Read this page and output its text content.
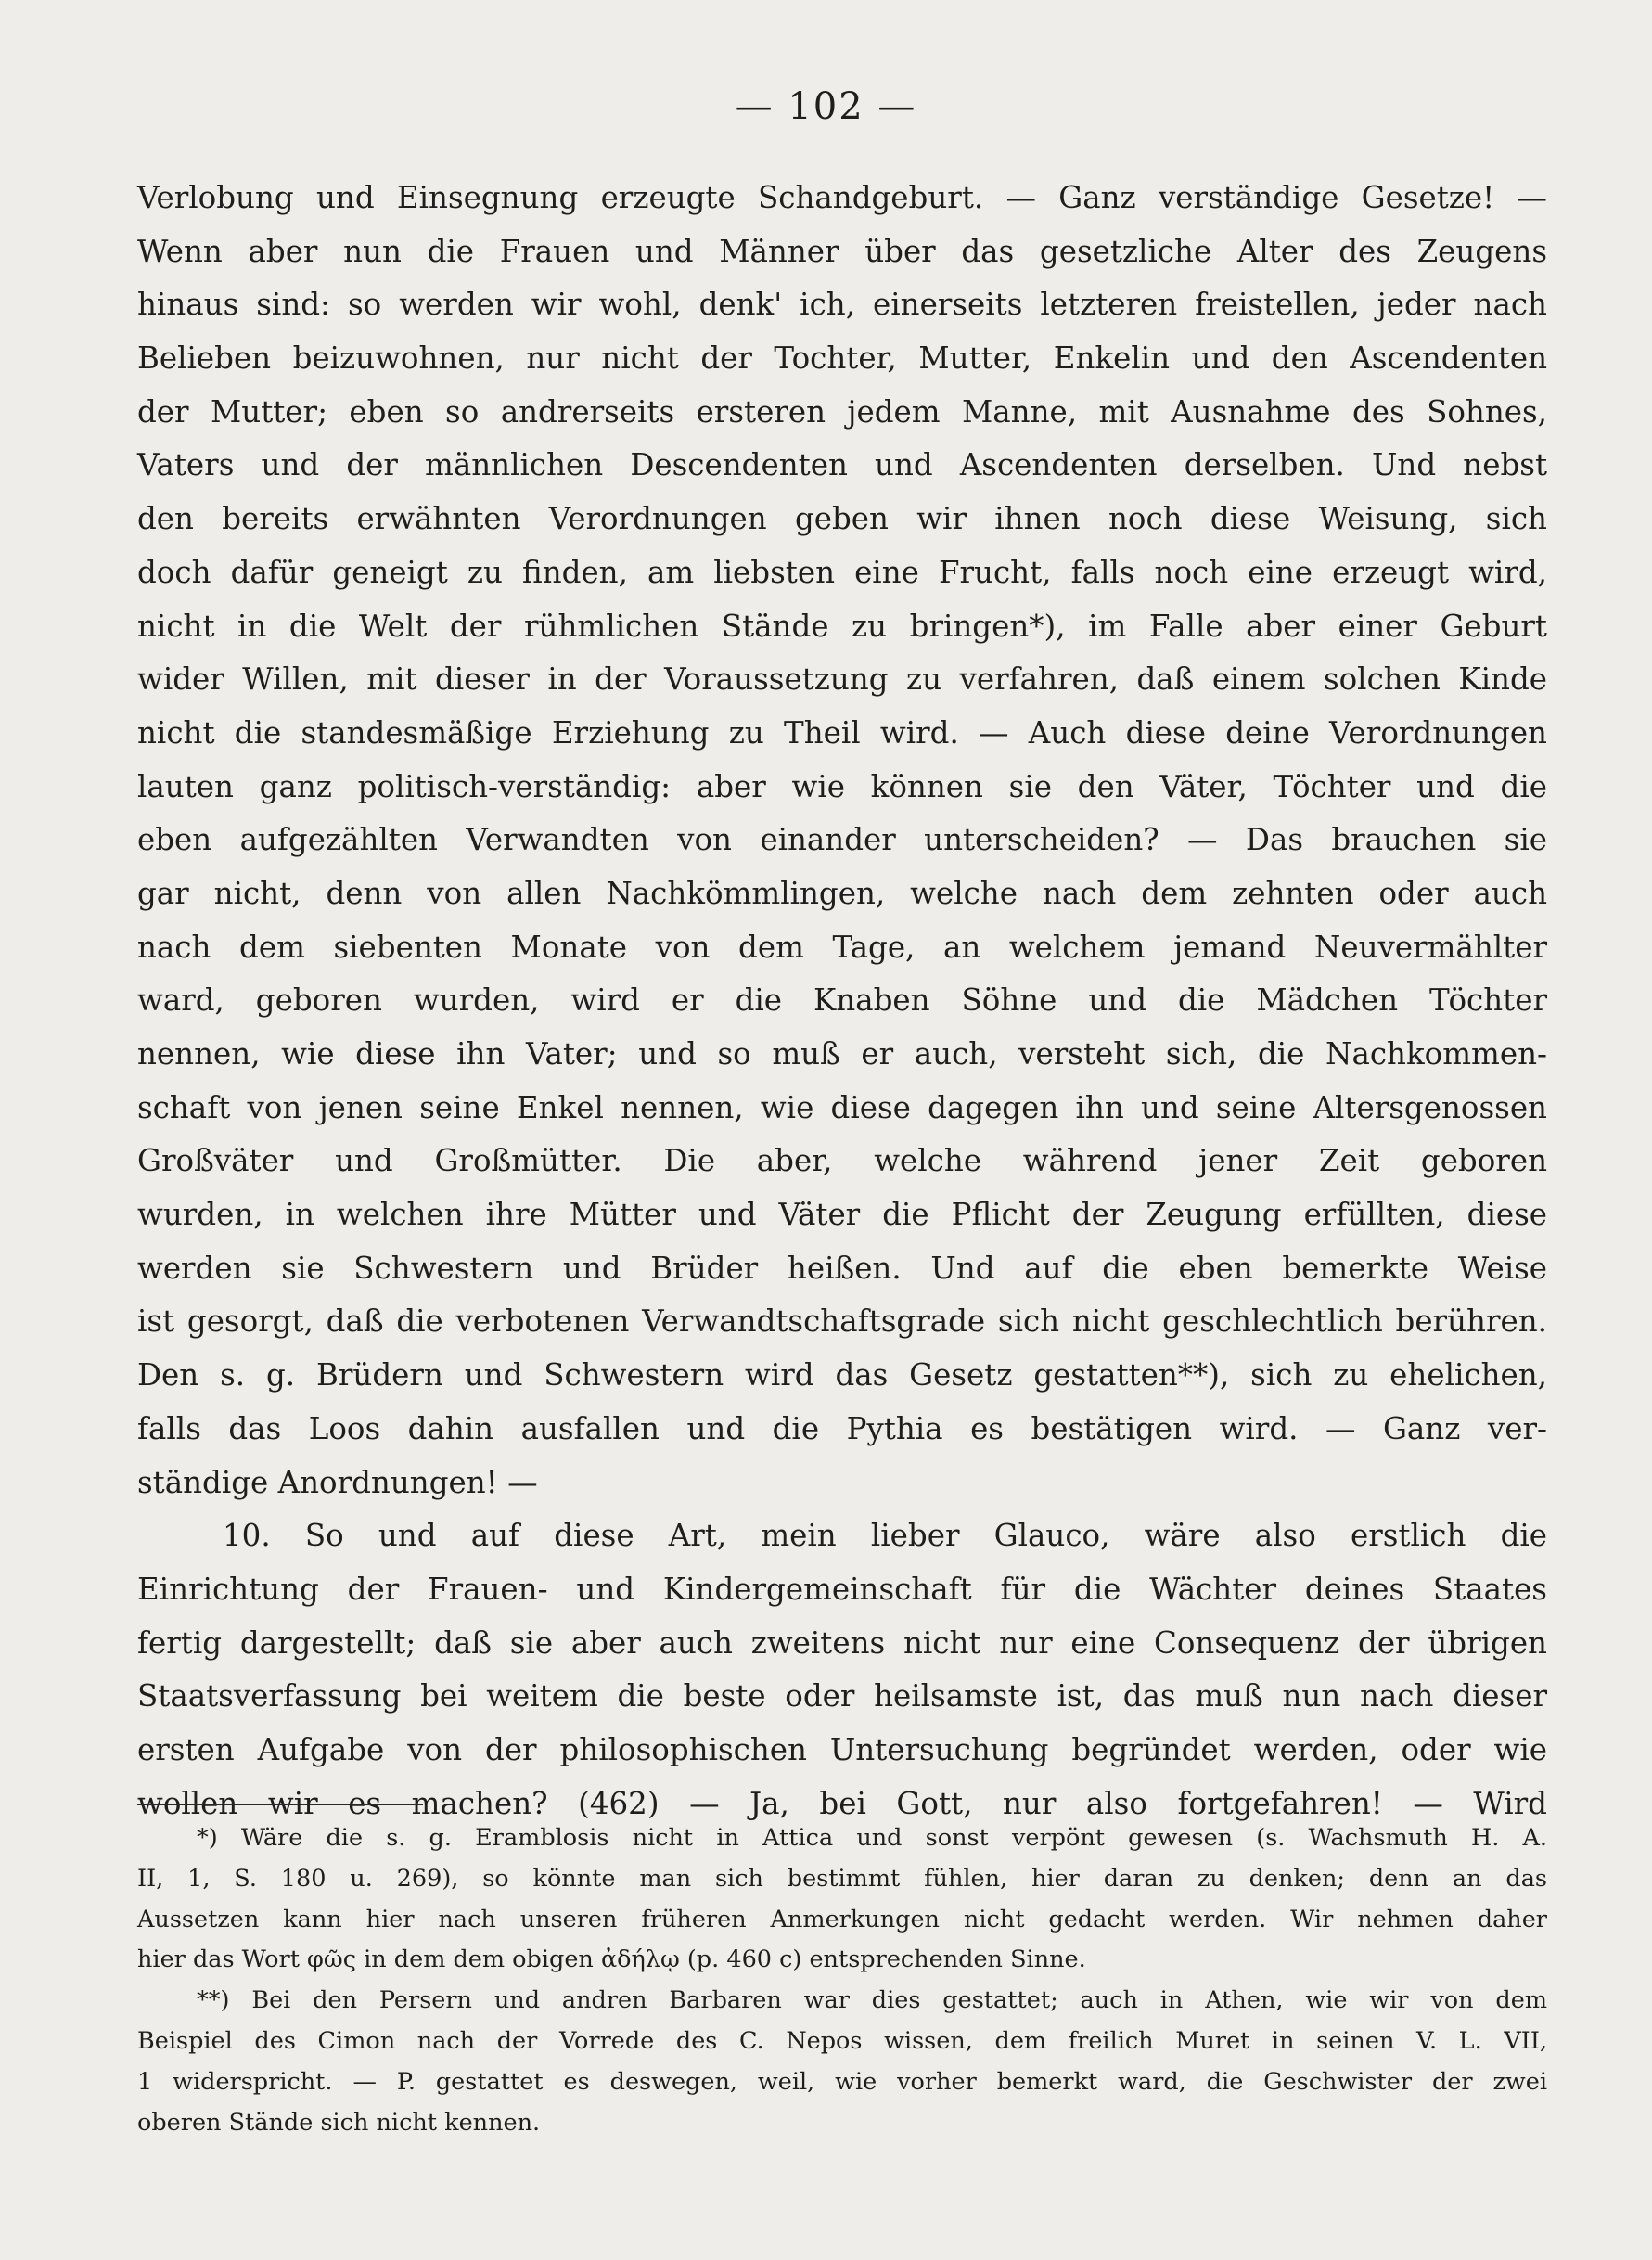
— 102 —
Verlobung und Einsegnung erzeugte Schandgeburt. — Ganz verständige Gesetze! —
Wenn aber nun die Frauen und Männer über das gesetzliche Alter des Zeugens
hinaus sind: so werden wir wohl, denk' ich, einerseits letzteren freistellen, jeder nach
Belieben beizuwohnen, nur nicht der Tochter, Mutter, Enkelin und den Ascendenten
der Mutter; eben so andrerseits ersteren jedem Manne, mit Ausnahme des Sohnes,
Vaters und der männlichen Descendenten und Ascendenten derselben. Und nebst
den bereits erwähnten Verordnungen geben wir ihnen noch diese Weisung, sich
doch dafür geneigt zu finden, am liebsten eine Frucht, falls noch eine erzeugt wird,
nicht in die Welt der rühmlichen Stände zu bringen*), im Falle aber einer Geburt
wider Willen, mit dieser in der Voraussetzung zu verfahren, daß einem solchen Kinde
nicht die standesmäßige Erziehung zu Theil wird. — Auch diese deine Verordnungen
lauten ganz politisch-verständig: aber wie können sie den Väter, Töchter und die
eben aufgezählten Verwandten von einander unterscheiden? — Das brauchen sie
gar nicht, denn von allen Nachkömmlingen, welche nach dem zehnten oder auch
nach dem siebenten Monate von dem Tage, an welchem jemand Neuvermählter
ward, geboren wurden, wird er die Knaben Söhne und die Mädchen Töchter
nennen, wie diese ihn Vater; und so muß er auch, versteht sich, die Nachkommen-
schaft von jenen seine Enkel nennen, wie diese dagegen ihn und seine Altersgenossen
Großväter und Großmütter. Die aber, welche während jener Zeit geboren
wurden, in welchen ihre Mütter und Väter die Pflicht der Zeugung erfüllten, diese
werden sie Schwestern und Brüder heißen. Und auf die eben bemerkte Weise
ist gesorgt, daß die verbotenen Verwandtschaftsgrade sich nicht geschlechtlich berühren.
Den s. g. Brüdern und Schwestern wird das Gesetz gestatten**), sich zu ehelichen,
falls das Loos dahin ausfallen und die Pythia es bestätigen wird. — Ganz ver-
ständige Anordnungen! —
10. So und auf diese Art, mein lieber Glauco, wäre also erstlich die
Einrichtung der Frauen- und Kindergemeinschaft für die Wächter deines Staates
fertig dargestellt; daß sie aber auch zweitens nicht nur eine Consequenz der übrigen
Staatsverfassung bei weitem die beste oder heilsamste ist, das muß nun nach dieser
ersten Aufgabe von der philosophischen Untersuchung begründet werden, oder wie
wollen wir es machen? (462) — Ja, bei Gott, nur also fortgefahren! — Wird
*) Wäre die s. g. Eramblosis nicht in Attica und sonst verpönt gewesen (s. Wachsmuth H. A.
II, 1, S. 180 u. 269), so könnte man sich bestimmt fühlen, hier daran zu denken; denn an das
Aussetzen kann hier nach unseren früheren Anmerkungen nicht gedacht werden. Wir nehmen daher
hier das Wort φῶς in dem dem obigen ἀδήλῳ (p. 460 c) entsprechenden Sinne.
**) Bei den Persern und andren Barbaren war dies gestattet; auch in Athen, wie wir von dem
Beispiel des Cimon nach der Vorrede des C. Nepos wissen, dem freilich Muret in seinen V. L. VII,
1 widerspricht. — P. gestattet es deswegen, weil, wie vorher bemerkt ward, die Geschwister der zwei
oberen Stände sich nicht kennen.
